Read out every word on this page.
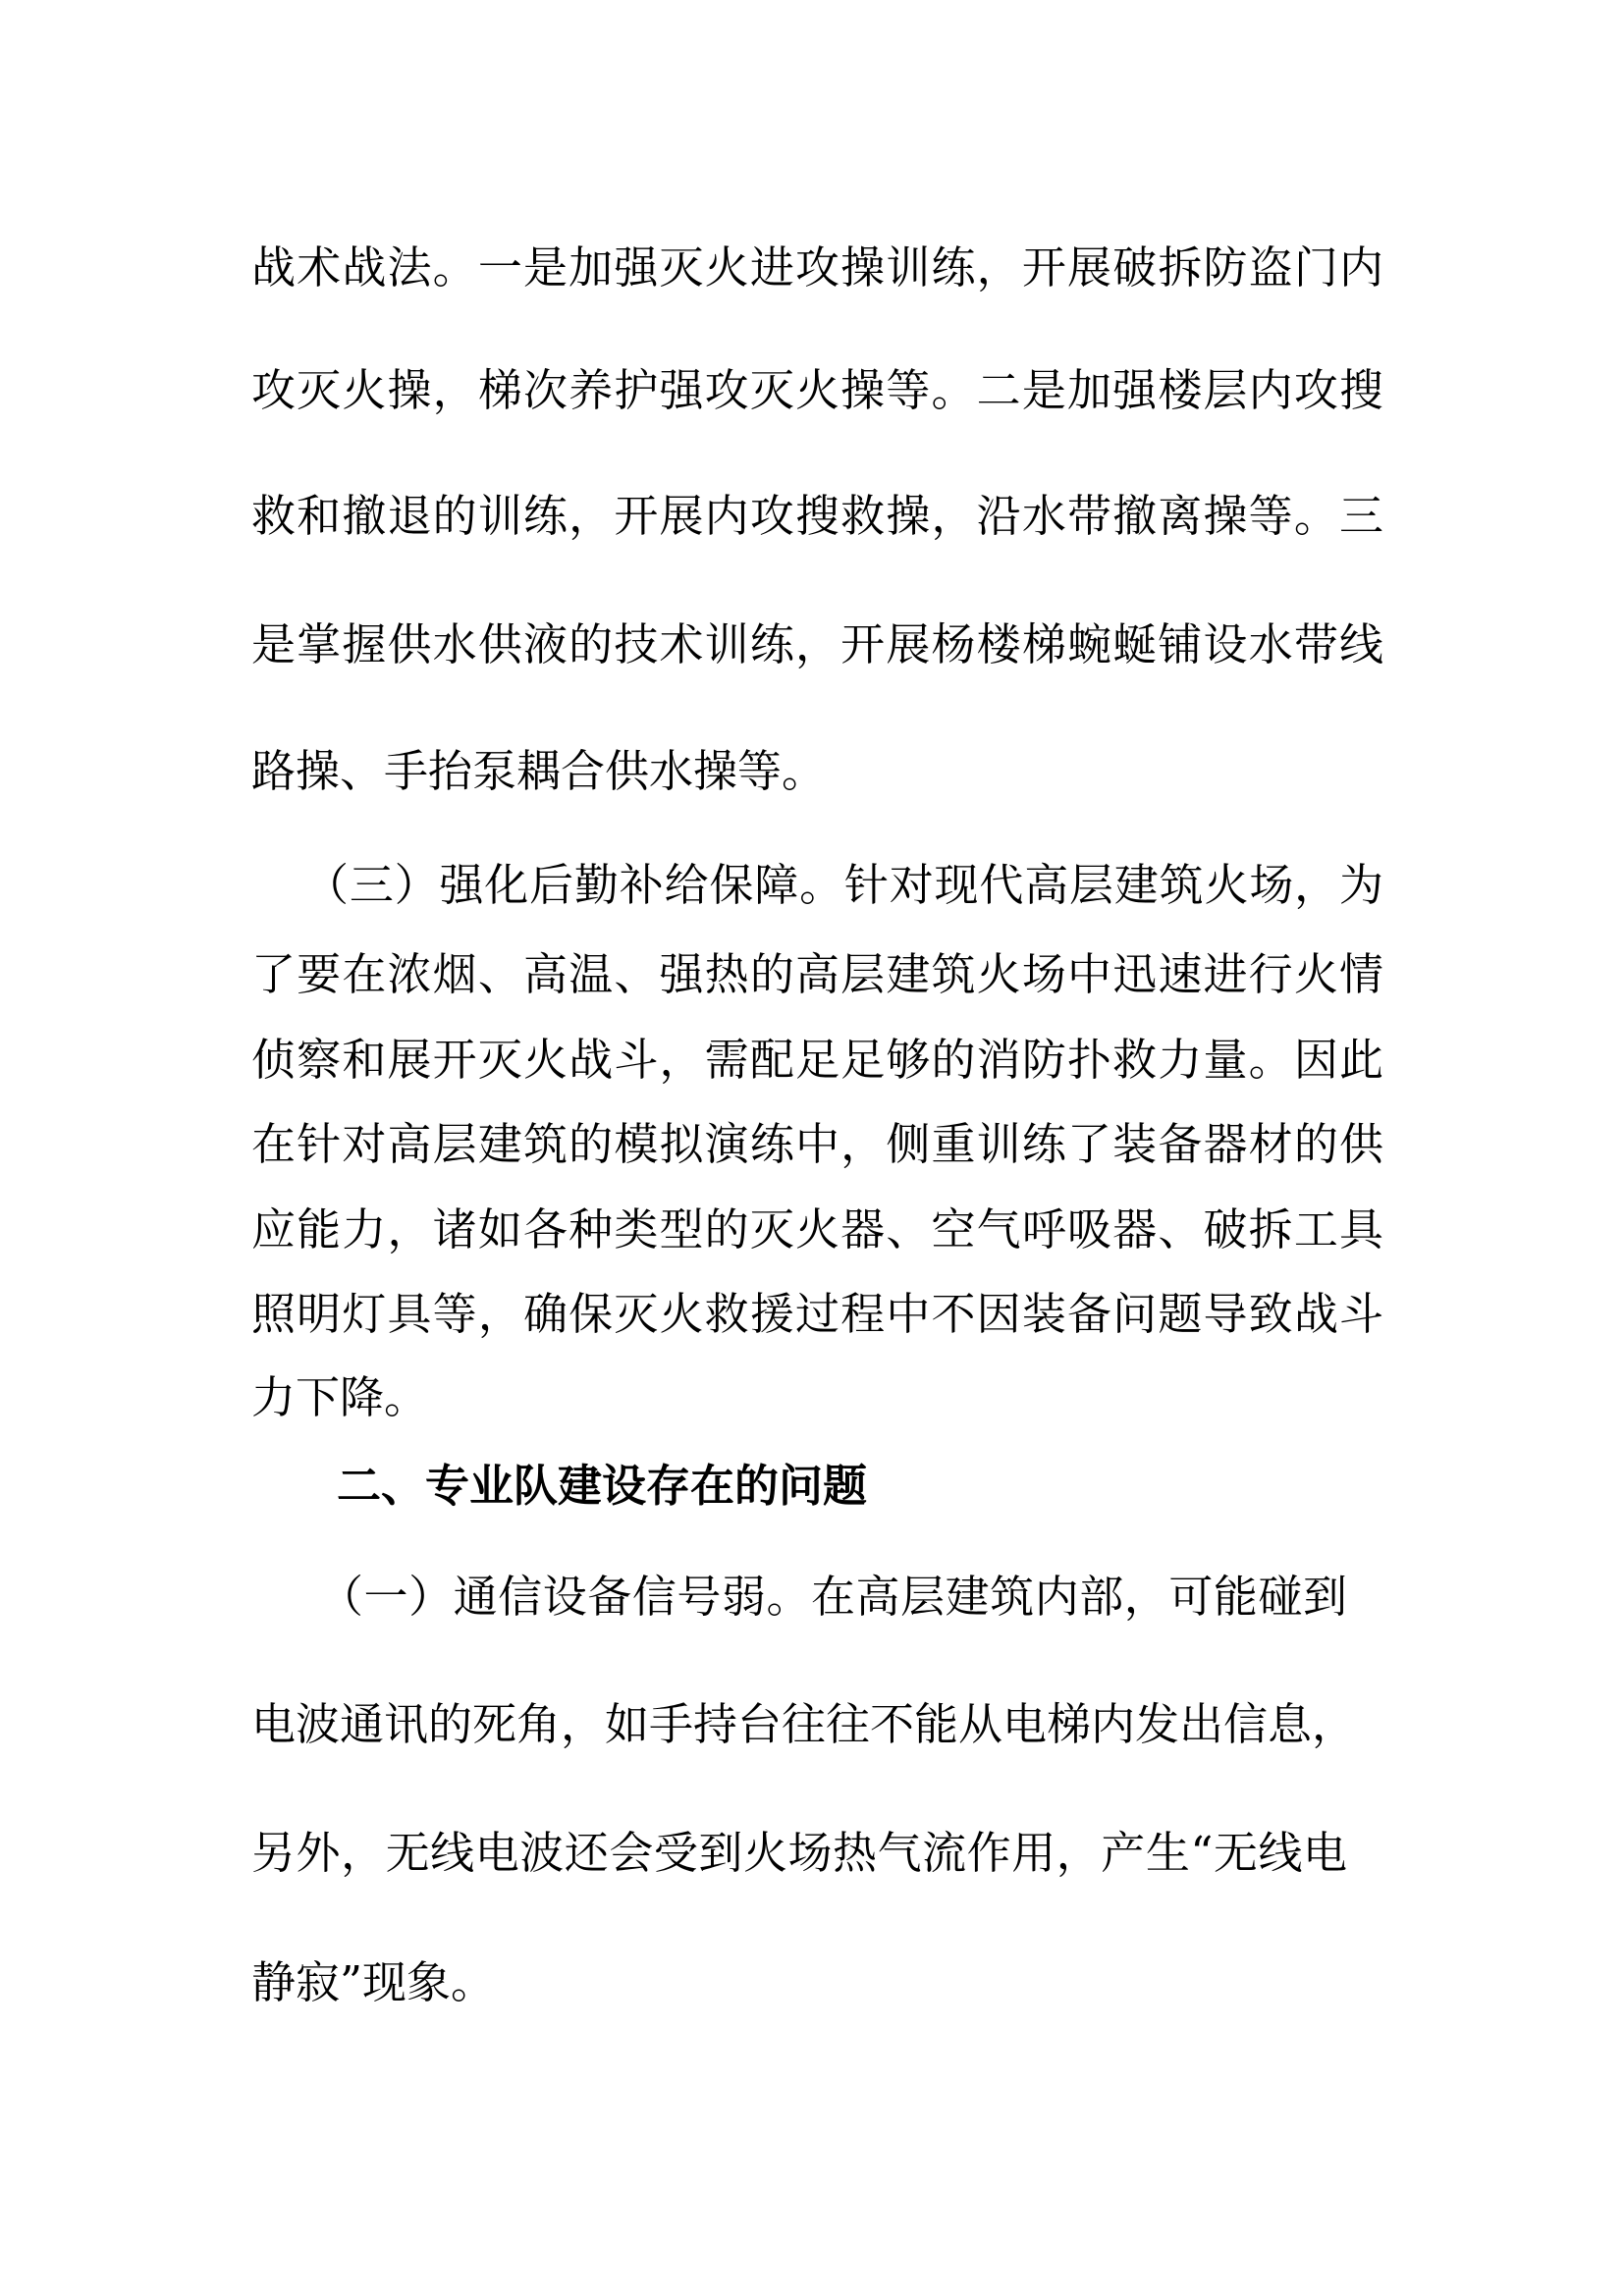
战术战法。一是加强灭火进攻操训练，开展破拆防盗门内
攻灭火操，梯次养护强攻灭火操等。二是加强楼层内攻搜
救和撤退的训练，开展内攻搜救操，沿水带撤离操等。三
是掌握供水供液的技术训练，开展杨楼梯蜿蜒铺设水带线
路操、手抬泵耦合供水操等。
（三）强化后勤补给保障。针对现代高层建筑火场，为
了要在浓烟、高温、强热的高层建筑火场中迅速进行火情
侦察和展开灭火战斗，需配足足够的消防扑救力量。因此
在针对高层建筑的模拟演练中，侧重训练了装备器材的供
应能力，诸如各种类型的灭火器、空气呼吸器、破拆工具
照明灯具等，确保灭火救援过程中不因装备问题导致战斗
力下降。
二、专业队建设存在的问题
（一）通信设备信号弱。在高层建筑内部，可能碰到
电波通讯的死角，如手持台往往不能从电梯内发出信息，
另外，无线电波还会受到火场热气流作用，产生“无线电
静寂”现象。
